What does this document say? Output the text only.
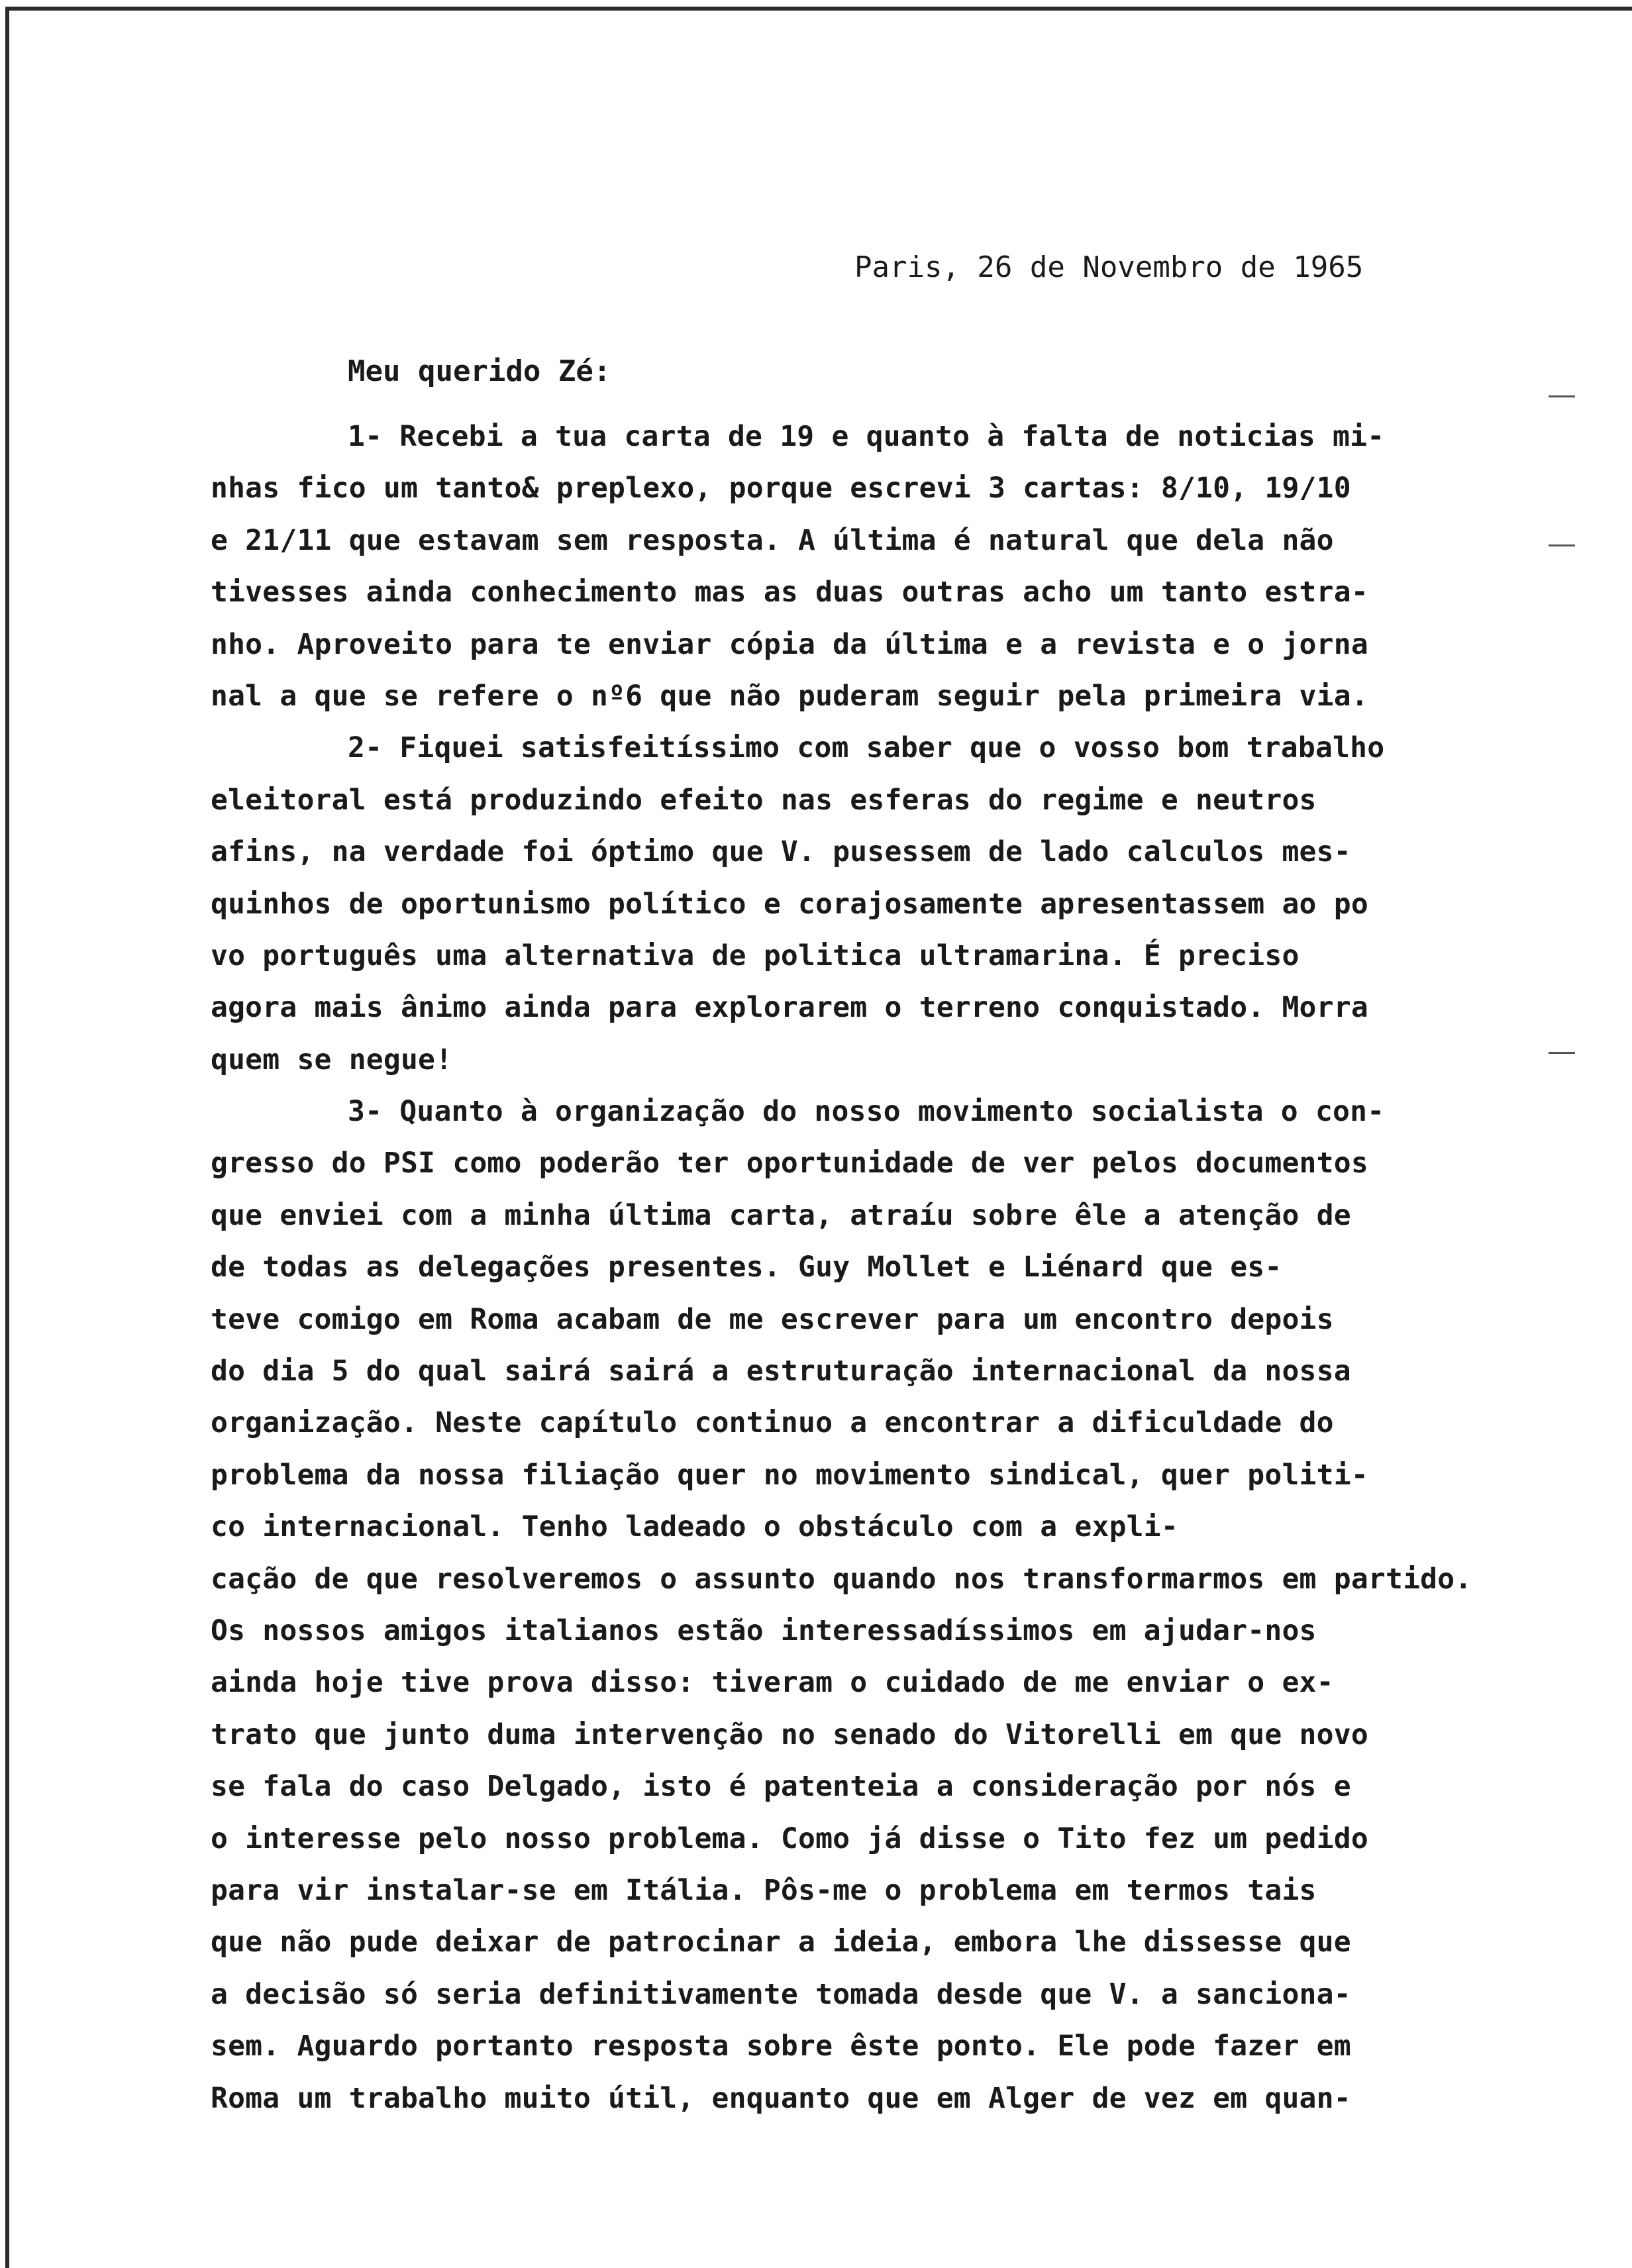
Paris, 26 de Novembro de 1965
Meu querido Zé:
1- Recebi a tua carta de 19 e quanto à falta de noticias mi-
nhas fico um tanto& preplexo, porque escrevi 3 cartas: 8/10, 19/10
e 21/11 que estavam sem resposta. A última é natural que dela não
tivesses ainda conhecimento mas as duas outras acho um tanto estra-
nho. Aproveito para te enviar cópia da última e a revista e o jorna
nal a que se refere o nº6 que não puderam seguir pela primeira via.
2- Fiquei satisfeitíssimo com saber que o vosso bom trabalho
eleitoral está produzindo efeito nas esferas do regime e neutros
afins, na verdade foi óptimo que V. pusessem de lado calculos mes-
quinhos de oportunismo político e corajosamente apresentassem ao po
vo português uma alternativa de politica ultramarina. É preciso
agora mais ânimo ainda para explorarem o terreno conquistado. Morra
quem se negue!
3- Quanto à organização do nosso movimento socialista o con-
gresso do PSI como poderão ter oportunidade de ver pelos documentos
que enviei com a minha última carta, atraíu sobre êle a atenção de
de todas as delegações presentes. Guy Mollet e Liénard que es-
teve comigo em Roma acabam de me escrever para um encontro depois
do dia 5 do qual sairá sairá a estruturação internacional da nossa
organização. Neste capítulo continuo a encontrar a dificuldade do
problema da nossa filiação quer no movimento sindical, quer politi-
co internacional. Tenho ladeado o obstáculo com a expli-
cação de que resolveremos o assunto quando nos transformarmos em partido.
Os nossos amigos italianos estão interessadíssimos em ajudar-nos
ainda hoje tive prova disso: tiveram o cuidado de me enviar o ex-
trato que junto duma intervenção no senado do Vitorelli em que novo
se fala do caso Delgado, isto é patenteia a consideração por nós e
o interesse pelo nosso problema. Como já disse o Tito fez um pedido
para vir instalar-se em Itália. Pôs-me o problema em termos tais
que não pude deixar de patrocinar a ideia, embora lhe dissesse que
a decisão só seria definitivamente tomada desde que V. a sanciona-
sem. Aguardo portanto resposta sobre êste ponto. Ele pode fazer em
Roma um trabalho muito útil, enquanto que em Alger de vez em quan-
